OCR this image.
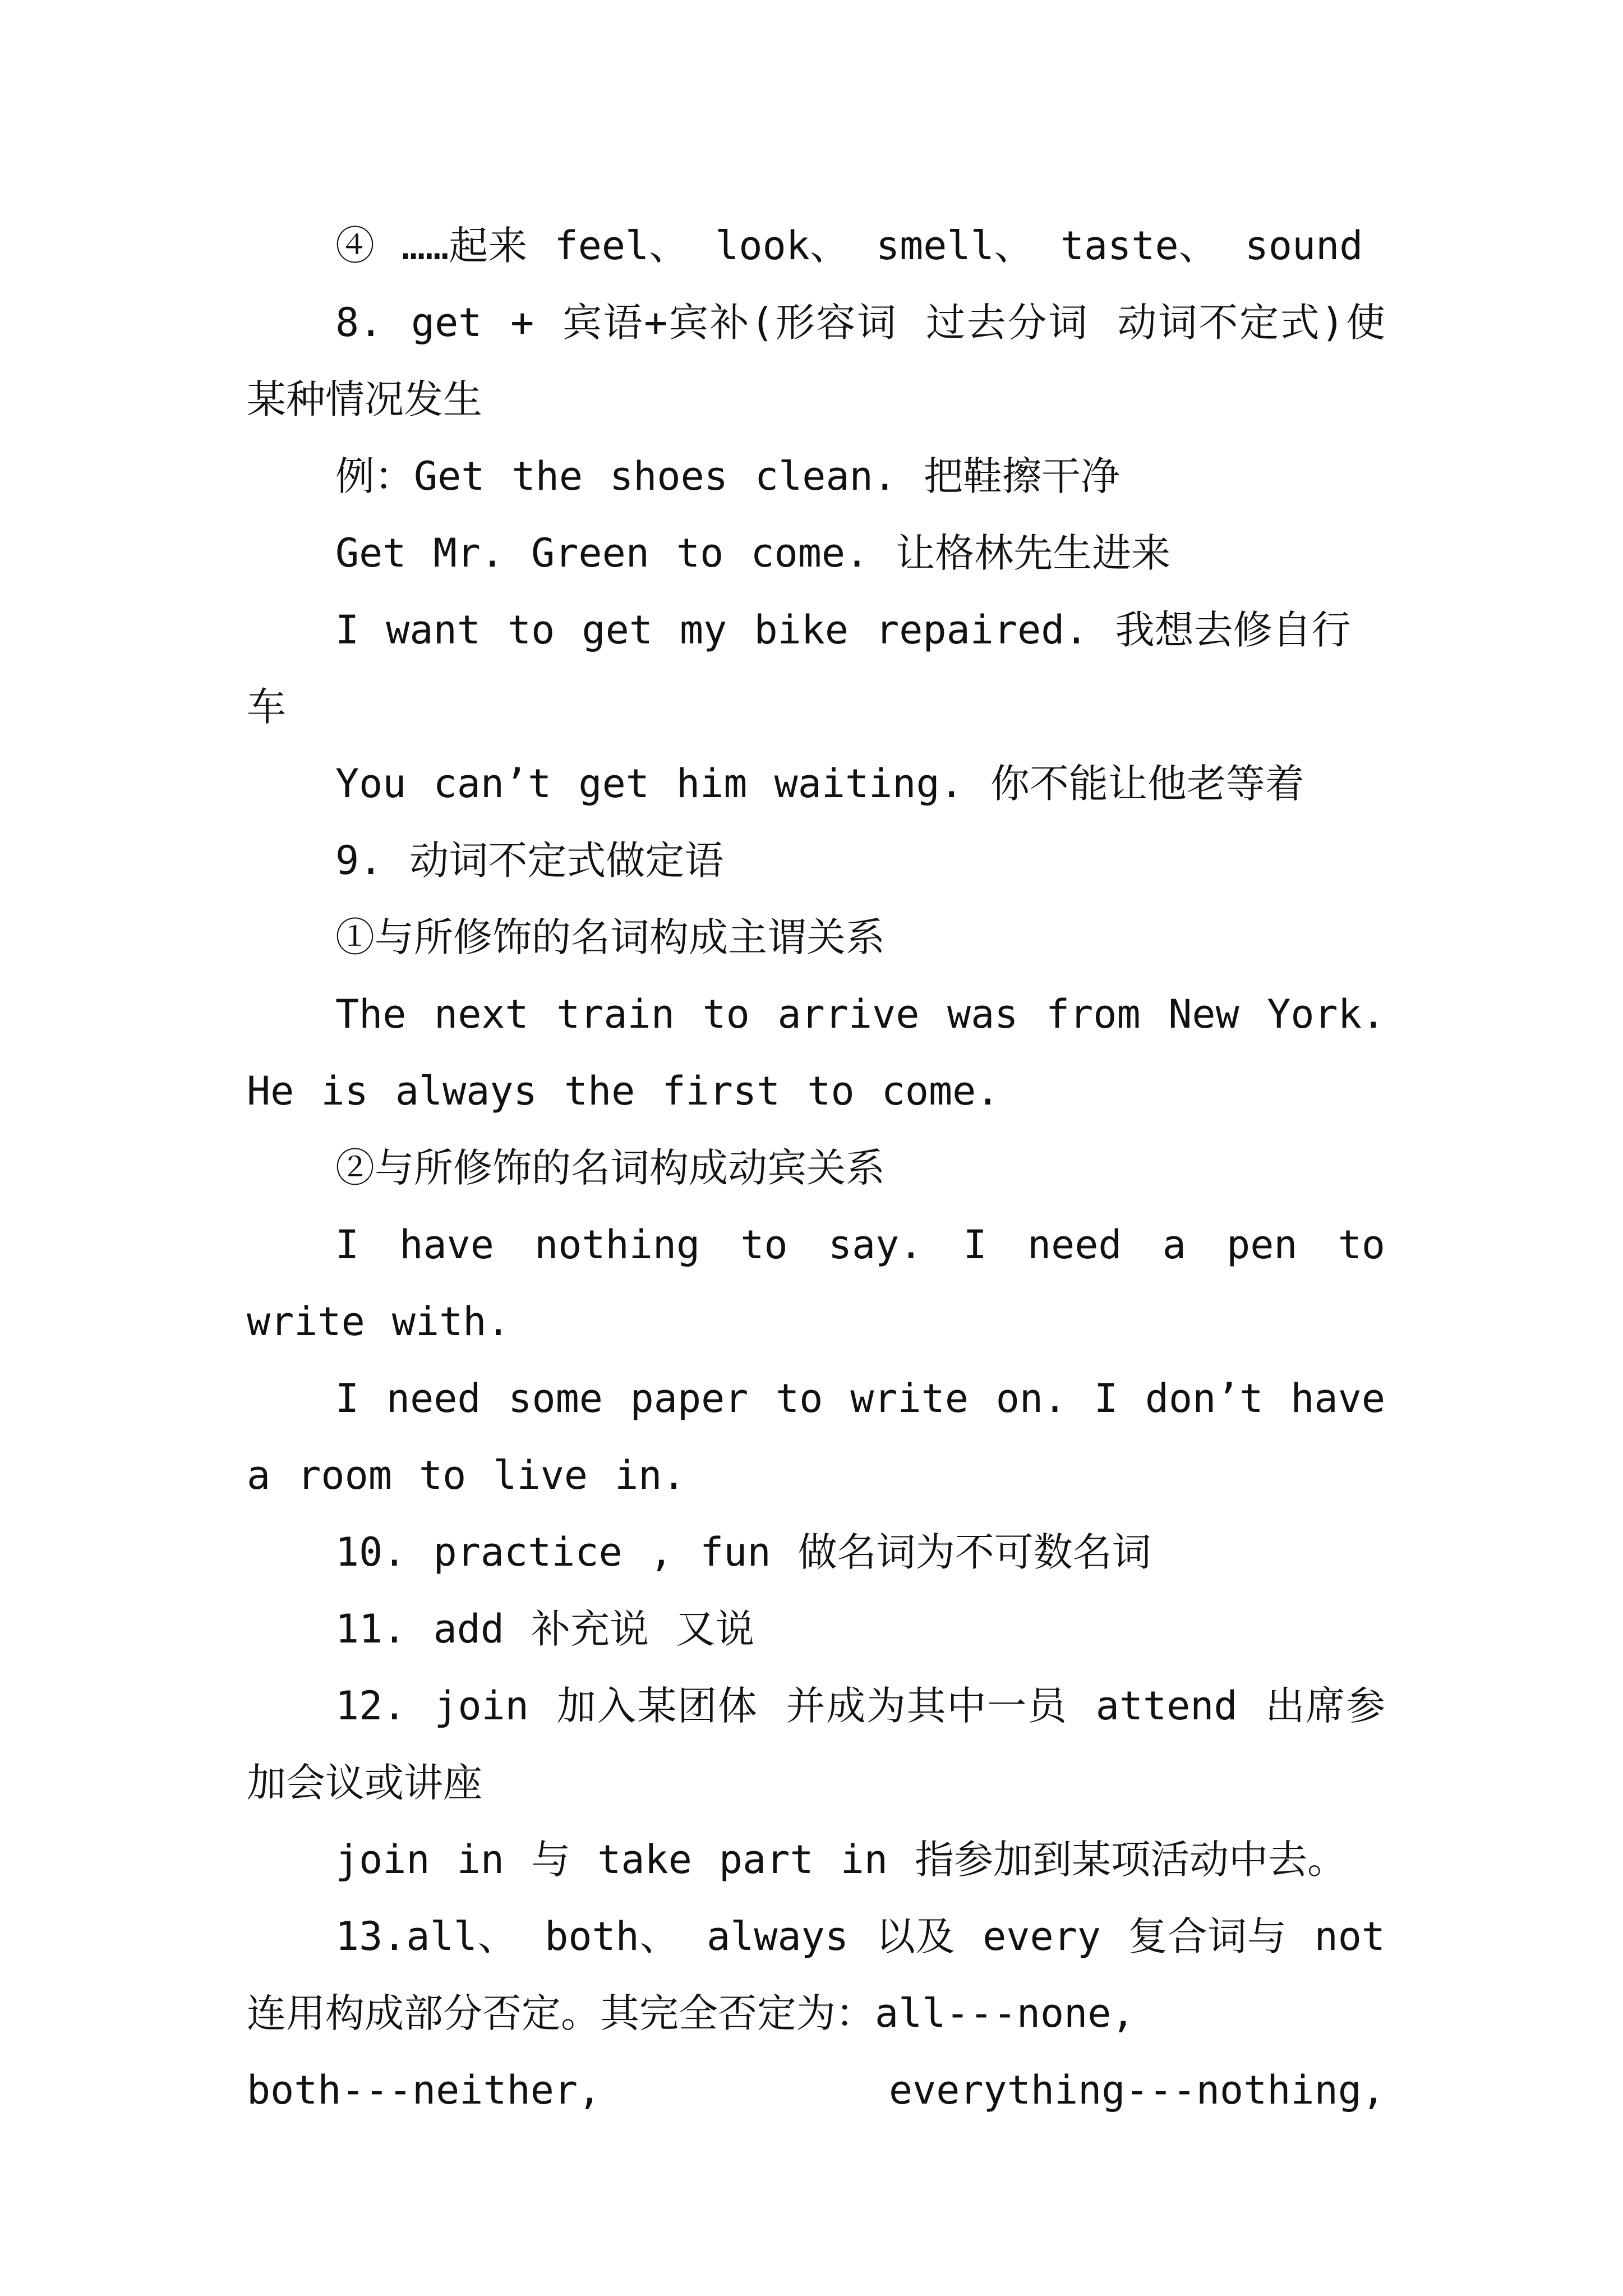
④ ……起来 feel、 look、 smell、 taste、 sound

8. get + 宾语+宾补(形容词 过去分词 动词不定式)使某种情况发生

例：Get the shoes clean. 把鞋擦干净

Get Mr. Green to come. 让格林先生进来

I want to get my bike repaired. 我想去修自行车

You can’t get him waiting. 你不能让他老等着

9. 动词不定式做定语

①与所修饰的名词构成主谓关系

The next train to arrive was from New York. He is always the first to come.

②与所修饰的名词构成动宾关系

I have nothing to say. I need a pen to write with.

I need some paper to write on. I don’t have a room to live in.

10. practice , fun 做名词为不可数名词

11. add 补充说 又说

12. join 加入某团体 并成为其中一员 attend 出席参加会议或讲座

join in 与 take part in 指参加到某项活动中去。

13.all、 both、 always 以及 every 复合词与 not 连用构成部分否定。其完全否定为：all---none,

both---neither,	everything---nothing,
